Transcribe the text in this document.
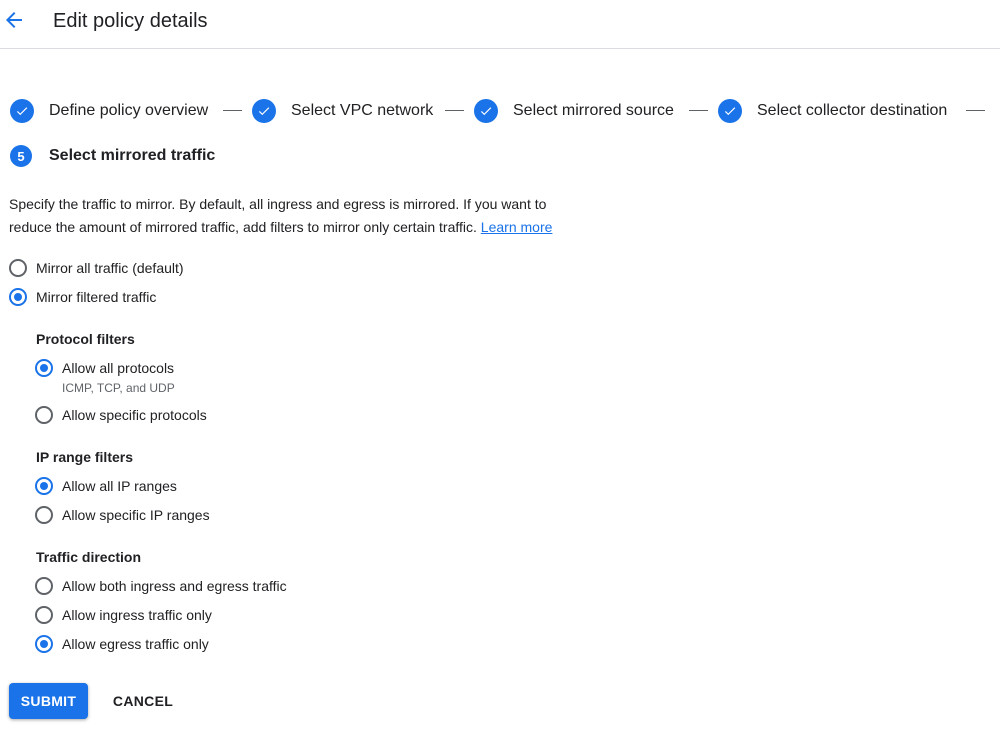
Edit policy details
Define policy overview	Select VPC network	Select mirrored source	Select collector destination
5	Select mirrored traffic
Specify the traffic to mirror. By default, all ingress and egress is mirrored. If you want to reduce the amount of mirrored traffic, add filters to mirror only certain traffic. Learn more
Mirror all traffic (default)
Mirror filtered traffic
Protocol filters
Allow all protocols
ICMP, TCP, and UDP
Allow specific protocols
IP range filters
Allow all IP ranges
Allow specific IP ranges
Traffic direction
Allow both ingress and egress traffic
Allow ingress traffic only
Allow egress traffic only
SUBMIT	CANCEL
